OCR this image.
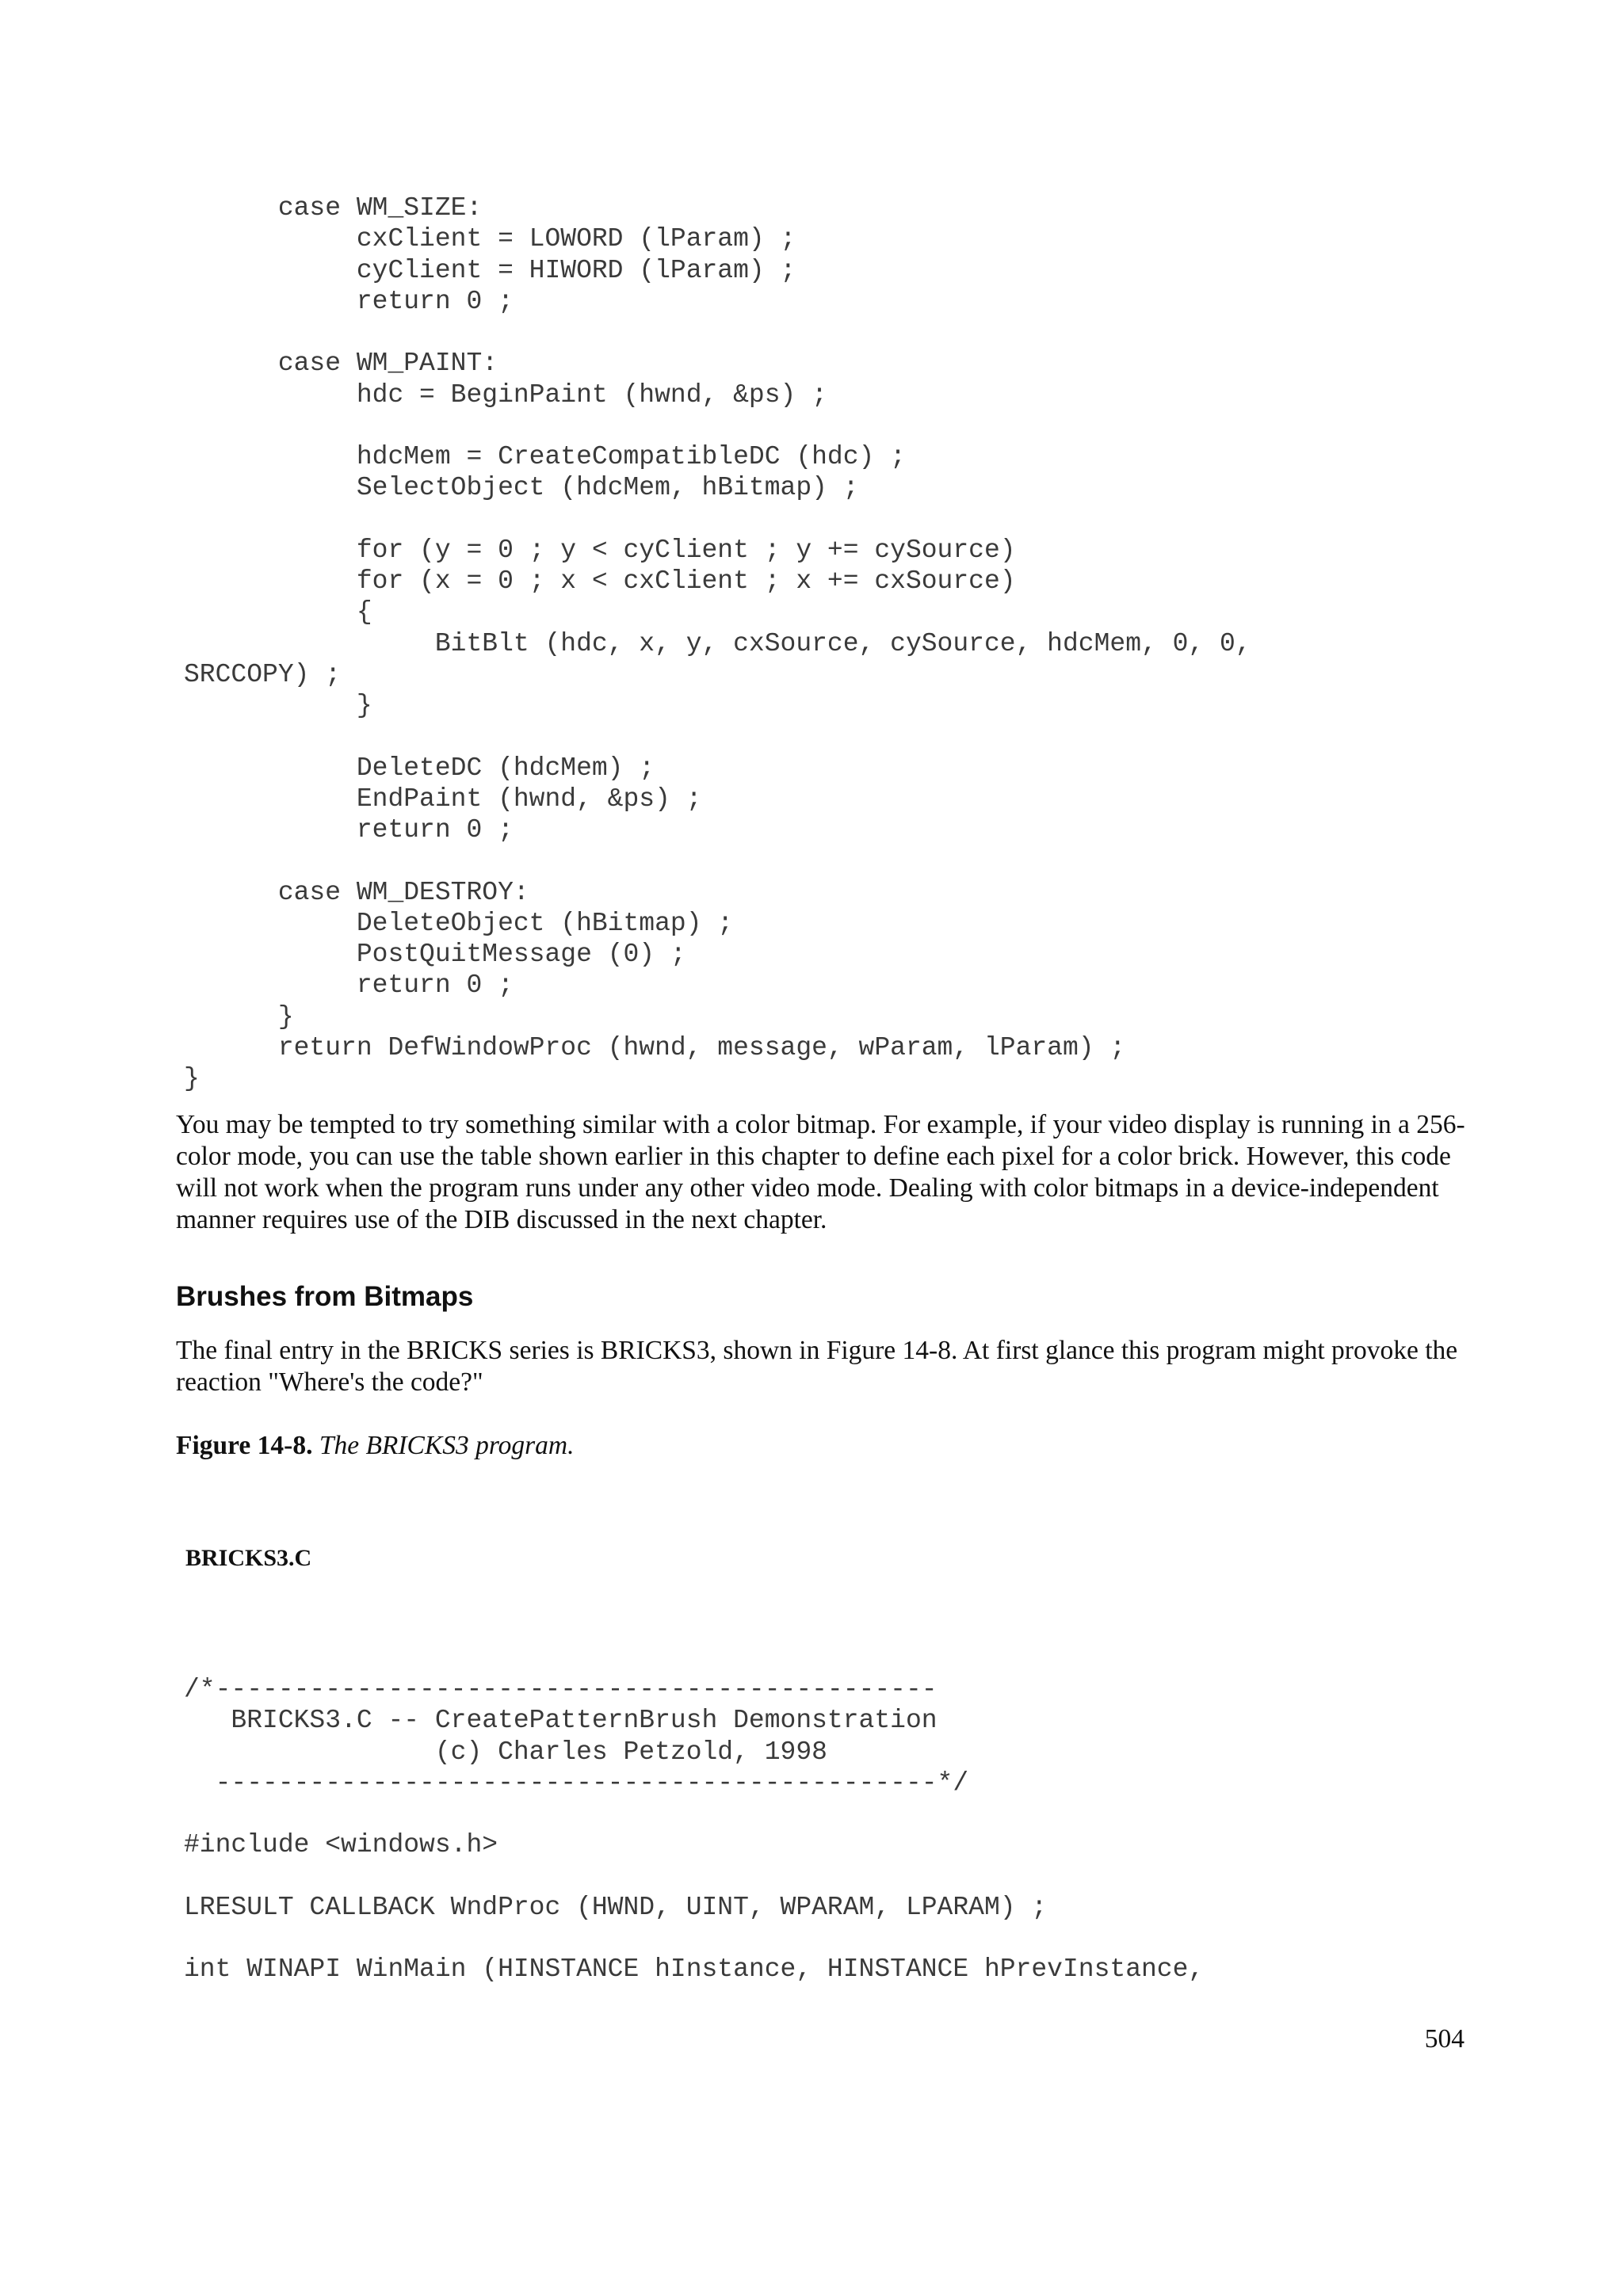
case WM_SIZE:
cxClient = LOWORD (lParam) ;
cyClient = HIWORD (lParam) ;
return 0 ;

case WM_PAINT:
hdc = BeginPaint (hwnd, &ps) ;

hdcMem = CreateCompatibleDC (hdc) ;
SelectObject (hdcMem, hBitmap) ;

for (y = 0 ; y < cyClient ; y += cySource)
for (x = 0 ; x < cxClient ; x += cxSource)
{
BitBlt (hdc, x, y, cxSource, cySource, hdcMem, 0, 0,
SRCCOPY) ;
}

DeleteDC (hdcMem) ;
EndPaint (hwnd, &ps) ;
return 0 ;

case WM_DESTROY:
DeleteObject (hBitmap) ;
PostQuitMessage (0) ;
return 0 ;
}
return DefWindowProc (hwnd, message, wParam, lParam) ;
}

You may be tempted to try something similar with a color bitmap. For example, if your video display is running in a 256-color mode, you can use the table shown earlier in this chapter to define each pixel for a color brick. However, this code will not work when the program runs under any other video mode. Dealing with color bitmaps in a device-independent manner requires use of the DIB discussed in the next chapter.

Brushes from Bitmaps

The final entry in the BRICKS series is BRICKS3, shown in Figure 14-8. At first glance this program might provoke the reaction "Where's the code?"

Figure 14-8. The BRICKS3 program.

BRICKS3.C

/*----------------------------------------------
BRICKS3.C -- CreatePatternBrush Demonstration
(c) Charles Petzold, 1998
----------------------------------------------*/

#include <windows.h>

LRESULT CALLBACK WndProc (HWND, UINT, WPARAM, LPARAM) ;

int WINAPI WinMain (HINSTANCE hInstance, HINSTANCE hPrevInstance,

504
